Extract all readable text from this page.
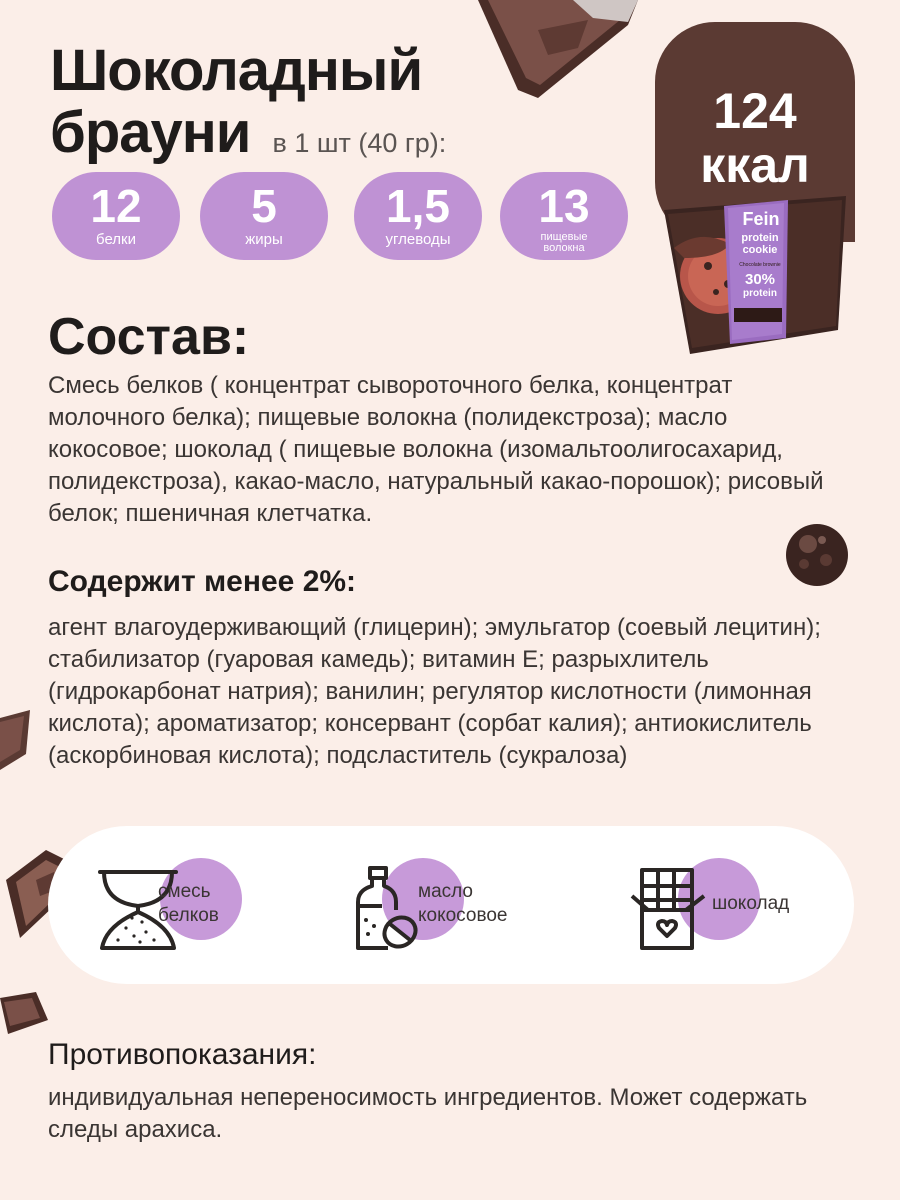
Шоколадный
брауни в 1 шт (40 гр):
124
ккал
Fein
protein
cookie
Chocolate brownie
30%
protein
12
белки
5
жиры
1,5
углеводы
13
пищевые волокна
Состав:
Смесь белков ( концентрат сывороточного белка, концентрат молочного белка); пищевые волокна (полидекстроза); масло кокосовое; шоколад ( пищевые волокна (изомальтоолигосахарид, полидекстроза), какао-масло, натуральный какао-порошок); рисовый белок; пшеничная клетчатка.
Содержит менее 2%:
агент влагоудерживающий (глицерин); эмульгатор (соевый лецитин); стабилизатор (гуаровая камедь); витамин Е; разрыхлитель (гидрокарбонат натрия); ванилин; регулятор кислотности (лимонная кислота); ароматизатор; консервант (сорбат калия); антиокислитель (аскорбиновая кислота); подсластитель (сукралоза)
смесь
белков
масло
кокосовое
шоколад
Противопоказания:
индивидуальная непереносимость ингредиентов. Может содержать следы арахиса.
